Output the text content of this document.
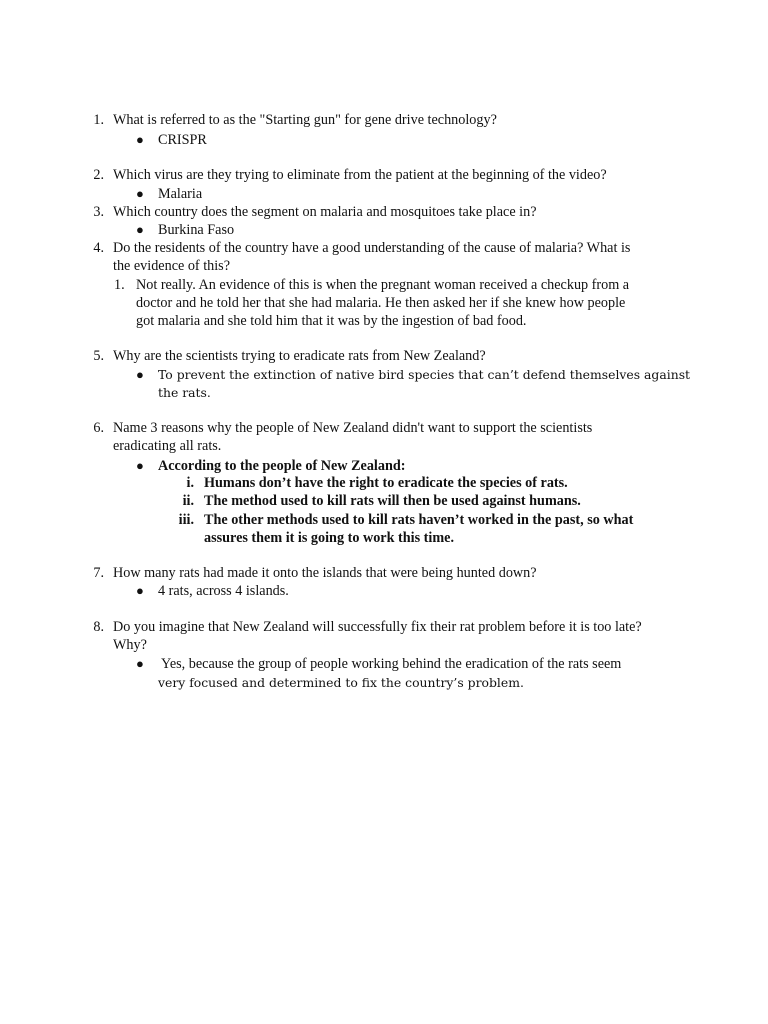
1. What is referred to as the "Starting gun" for gene drive technology?
● CRISPR
2. Which virus are they trying to eliminate from the patient at the beginning of the video?
● Malaria
3. Which country does the segment on malaria and mosquitoes take place in?
● Burkina Faso
4. Do the residents of the country have a good understanding of the cause of malaria? What is
the evidence of this?
1. Not really. An evidence of this is when the pregnant woman received a checkup from a
doctor and he told her that she had malaria. He then asked her if she knew how people
got malaria and she told him that it was by the ingestion of bad food.
5. Why are the scientists trying to eradicate rats from New Zealand?
● To prevent the extinction of native bird species that can’t defend themselves against
the rats.
6. Name 3 reasons why the people of New Zealand didn't want to support the scientists
eradicating all rats.
● According to the people of New Zealand:
i. Humans don’t have the right to eradicate the species of rats.
ii. The method used to kill rats will then be used against humans.
iii. The other methods used to kill rats haven’t worked in the past, so what
assures them it is going to work this time.
7. How many rats had made it onto the islands that were being hunted down?
● 4 rats, across 4 islands.
8. Do you imagine that New Zealand will successfully fix their rat problem before it is too late?
Why?
● Yes, because the group of people working behind the eradication of the rats seem
very focused and determined to fix the country’s problem.
